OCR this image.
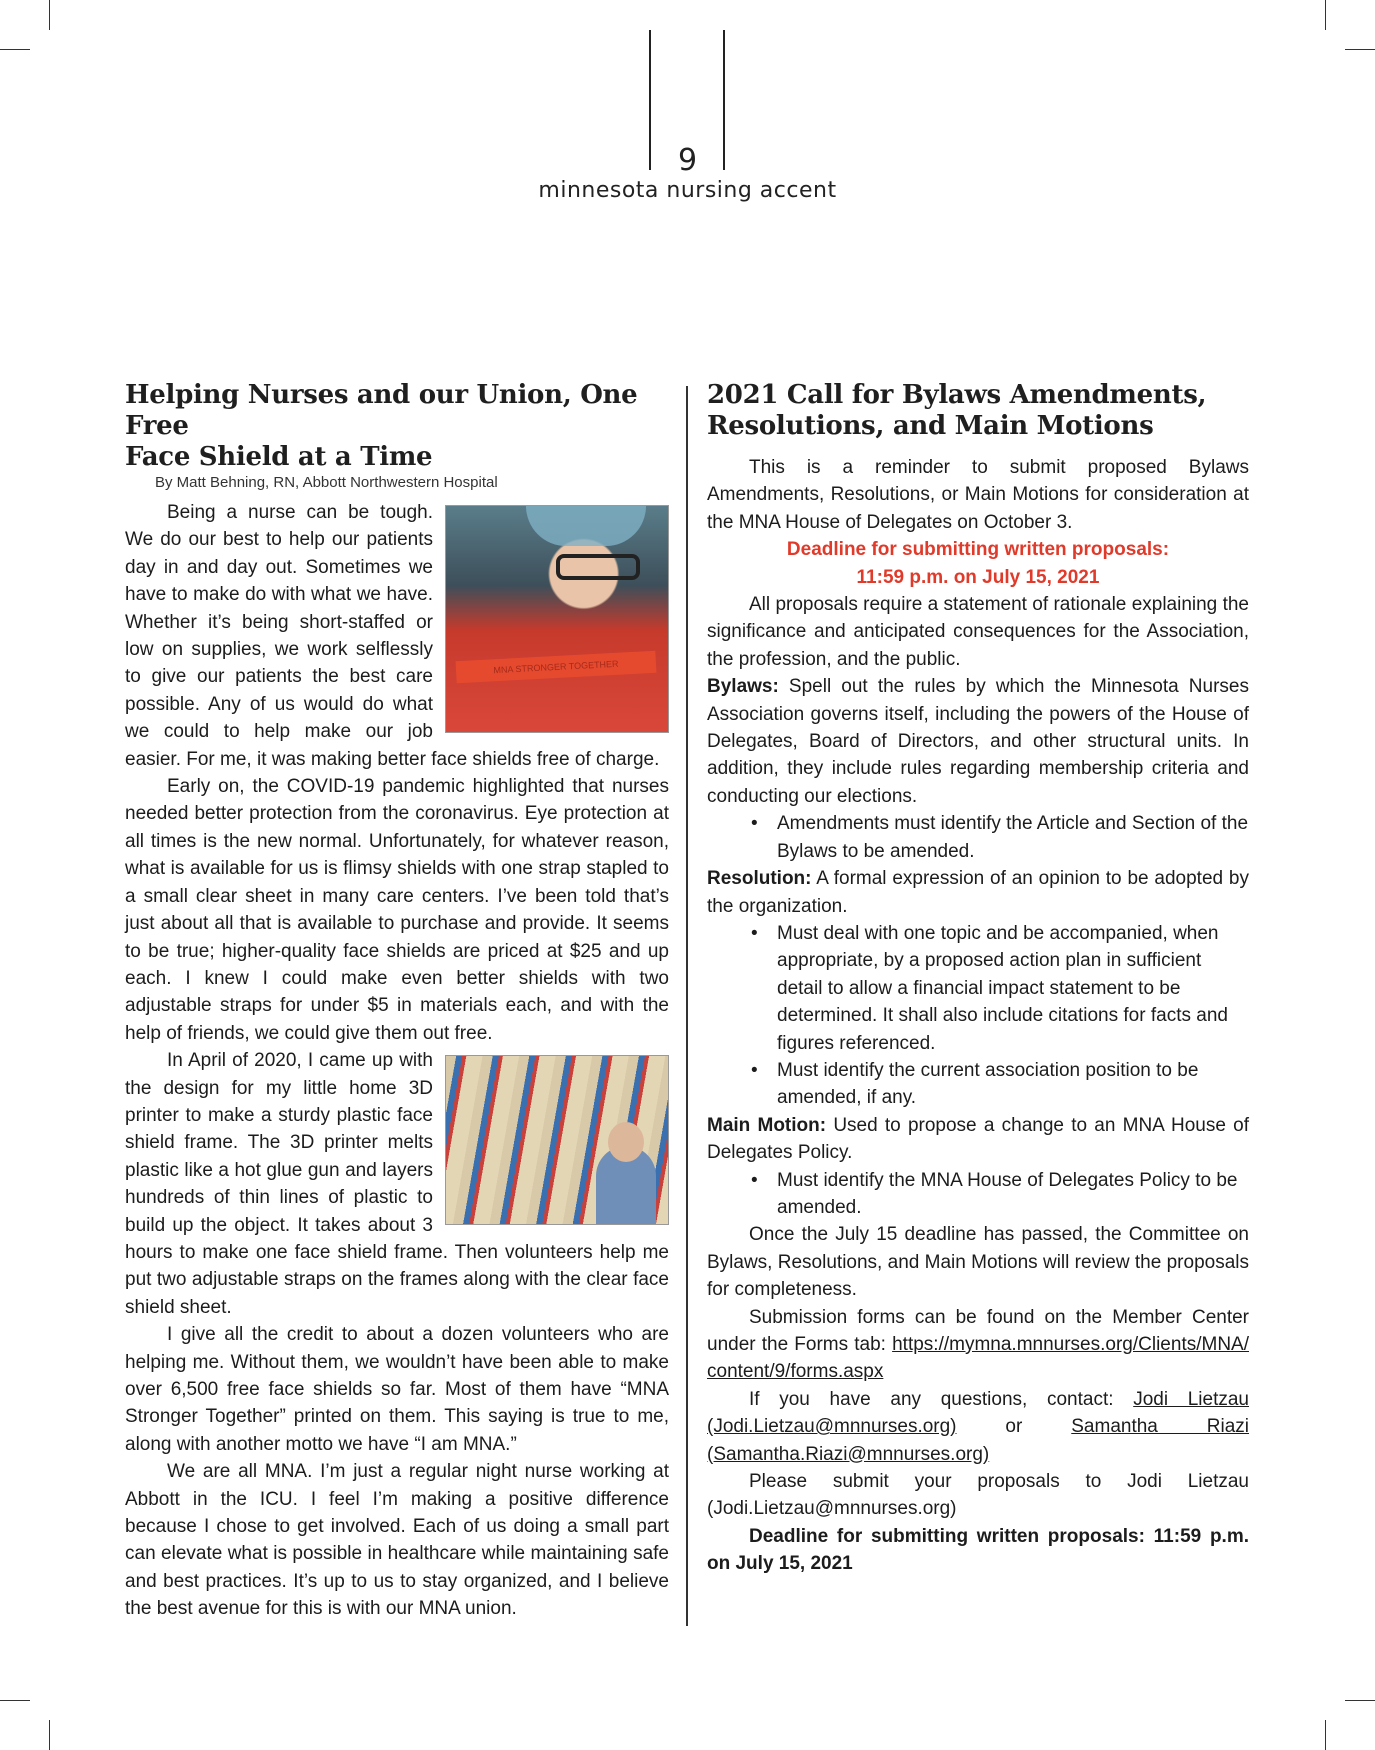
9
minnesota nursing accent
Helping Nurses and our Union, One Free
Face Shield at a Time
By Matt Behning, RN, Abbott Northwestern Hospital
MNA STRONGER TOGETHER

Being a nurse can be tough. We do our best to help our patients day in and day out. Sometimes we have to make do with what we have. Whether it’s being short-staffed or low on supplies, we work selflessly to give our patients the best care possible. Any of us would do what we could to help make our job easier. For me, it was making better face shields free of charge.

Early on, the COVID-19 pandemic highlighted that nurses needed better protection from the coronavirus. Eye protection at all times is the new normal. Unfortunately, for whatever reason, what is available for us is flimsy shields with one strap stapled to a small clear sheet in many care centers. I’ve been told that’s just about all that is available to purchase and provide. It seems to be true; higher-quality face shields are priced at $25 and up each. I knew I could make even better shields with two adjustable straps for under $5 in materials each, and with the help of friends, we could give them out free.

In April of 2020, I came up with the design for my little home 3D printer to make a sturdy plastic face shield frame. The 3D printer melts plastic like a hot glue gun and layers hundreds of thin lines of plastic to build up the object. It takes about 3 hours to make one face shield frame. Then volunteers help me put two adjustable straps on the frames along with the clear face shield sheet.

I give all the credit to about a dozen volunteers who are helping me. Without them, we wouldn’t have been able to make over 6,500 free face shields so far. Most of them have “MNA Stronger Together” printed on them. This saying is true to me, along with another motto we have “I am MNA.”

We are all MNA. I’m just a regular night nurse working at Abbott in the ICU. I feel I’m making a positive difference because I chose to get involved. Each of us doing a small part can elevate what is possible in healthcare while maintaining safe and best practices. It’s up to us to stay organized, and I believe the best avenue for this is with our MNA union.

2021 Call for Bylaws Amendments,
Resolutions, and Main Motions

This is a reminder to submit proposed Bylaws Amendments, Resolutions, or Main Motions for consideration at the MNA House of Delegates on October 3.

Deadline for submitting written proposals:

11:59 p.m. on July 15, 2021

All proposals require a statement of rationale explaining the significance and anticipated consequences for the Association, the profession, and the public.

Bylaws: Spell out the rules by which the Minnesota Nurses Association governs itself, including the powers of the House of Delegates, Board of Directors, and other structural units. In addition, they include rules regarding membership criteria and conducting our elections.

• Amendments must identify the Article and Section of the Bylaws to be amended.

Resolution: A formal expression of an opinion to be adopted by the organization.

• Must deal with one topic and be accompanied, when appropriate, by a proposed action plan in sufficient detail to allow a financial impact statement to be determined. It shall also include citations for facts and figures referenced.
• Must identify the current association position to be amended, if any.

Main Motion: Used to propose a change to an MNA House of Delegates Policy.

• Must identify the MNA House of Delegates Policy to be amended.

Once the July 15 deadline has passed, the Committee on Bylaws, Resolutions, and Main Motions will review the proposals for completeness.

Submission forms can be found on the Member Center under the Forms tab: https://mymna.mnnurses.org/Clients/MNA/content/9/forms.aspx

If you have any questions, contact: Jodi Lietzau (Jodi.Lietzau@mnnurses.org) or Samantha Riazi (Samantha.Riazi@mnnurses.org)

Please submit your proposals to Jodi Lietzau (Jodi.Lietzau@mnnurses.org)

Deadline for submitting written proposals: 11:59 p.m. on July 15, 2021
